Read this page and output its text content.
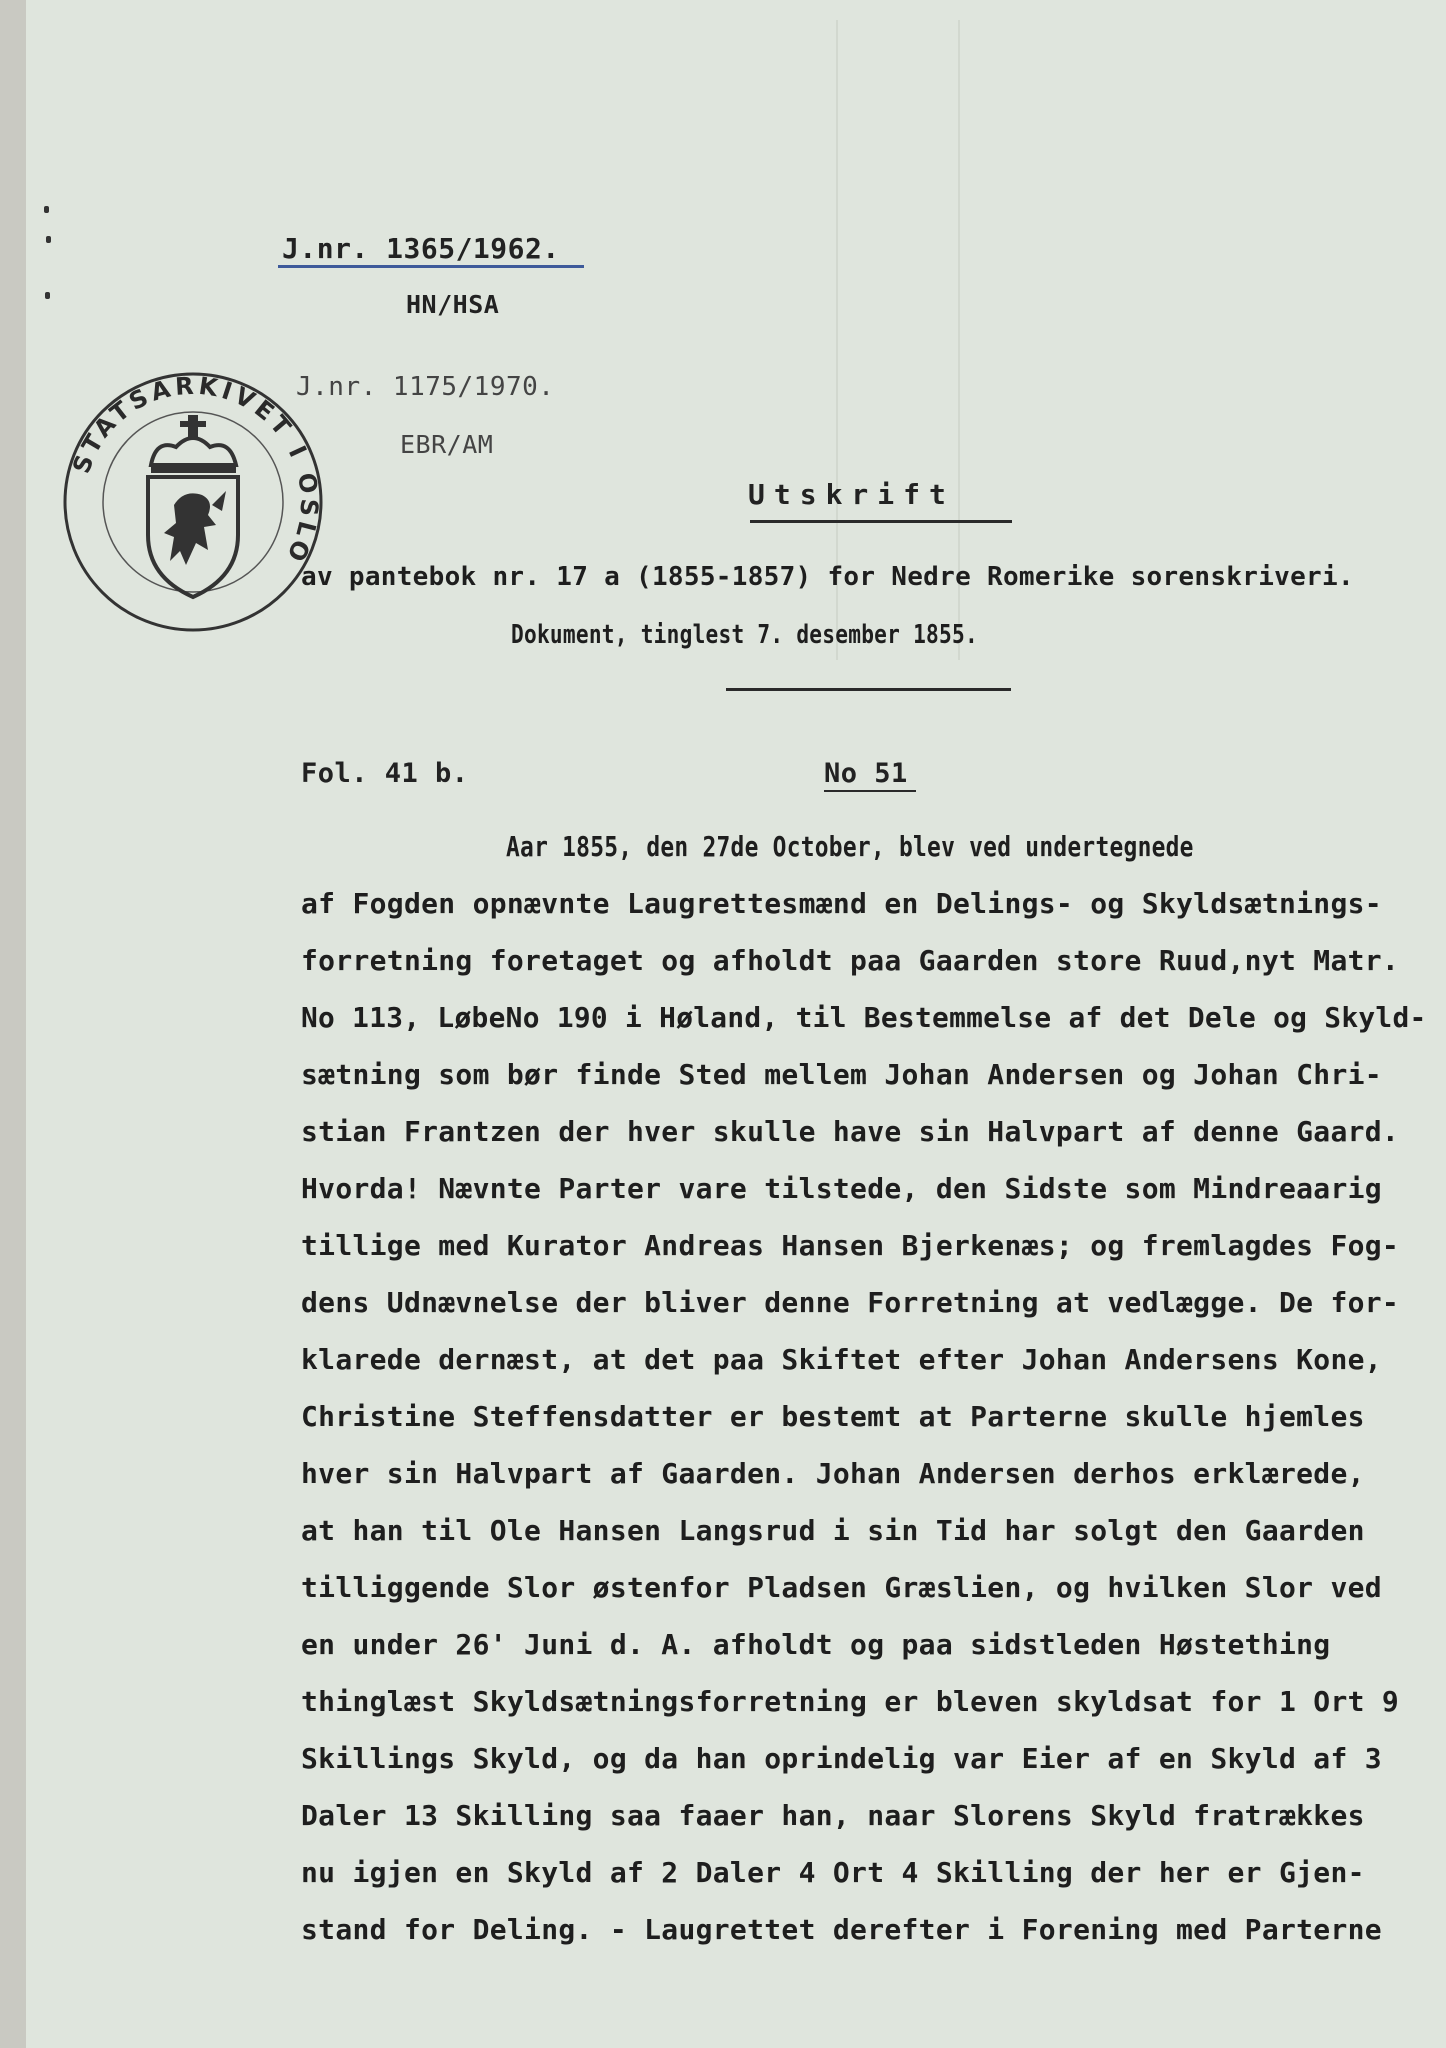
J.nr. 1365/1962.
HN/HSA
J.nr. 1175/1970.
EBR/AM
STATSARKIVET I OSLO
Utskrift
av pantebok nr. 17 a (1855-1857) for Nedre Romerike sorenskriveri.
Dokument, tinglest 7. desember 1855.
Fol. 41 b.	No 51
Aar 1855, den 27de October, blev ved undertegnede
af Fogden opnævnte Laugrettesmænd en Delings- og Skyldsætnings-
forretning foretaget og afholdt paa Gaarden store Ruud,nyt Matr.
No 113, LøbeNo 190 i Høland, til Bestemmelse af det Dele og Skyld-
sætning som bør finde Sted mellem Johan Andersen og Johan Chri-
stian Frantzen der hver skulle have sin Halvpart af denne Gaard.
Hvorda! Nævnte Parter vare tilstede, den Sidste som Mindreaarig
tillige med Kurator Andreas Hansen Bjerkenæs; og fremlagdes Fog-
dens Udnævnelse der bliver denne Forretning at vedlægge. De for-
klarede dernæst, at det paa Skiftet efter Johan Andersens Kone,
Christine Steffensdatter er bestemt at Parterne skulle hjemles
hver sin Halvpart af Gaarden. Johan Andersen derhos erklærede,
at han til Ole Hansen Langsrud i sin Tid har solgt den Gaarden
tilliggende Slor østenfor Pladsen Græslien, og hvilken Slor ved
en under 26' Juni d. A. afholdt og paa sidstleden Høstething
thinglæst Skyldsætningsforretning er bleven skyldsat for 1 Ort 9
Skillings Skyld, og da han oprindelig var Eier af en Skyld af 3
Daler 13 Skilling saa faaer han, naar Slorens Skyld fratrækkes
nu igjen en Skyld af 2 Daler 4 Ort 4 Skilling der her er Gjen-
stand for Deling. - Laugrettet derefter i Forening med Parterne
